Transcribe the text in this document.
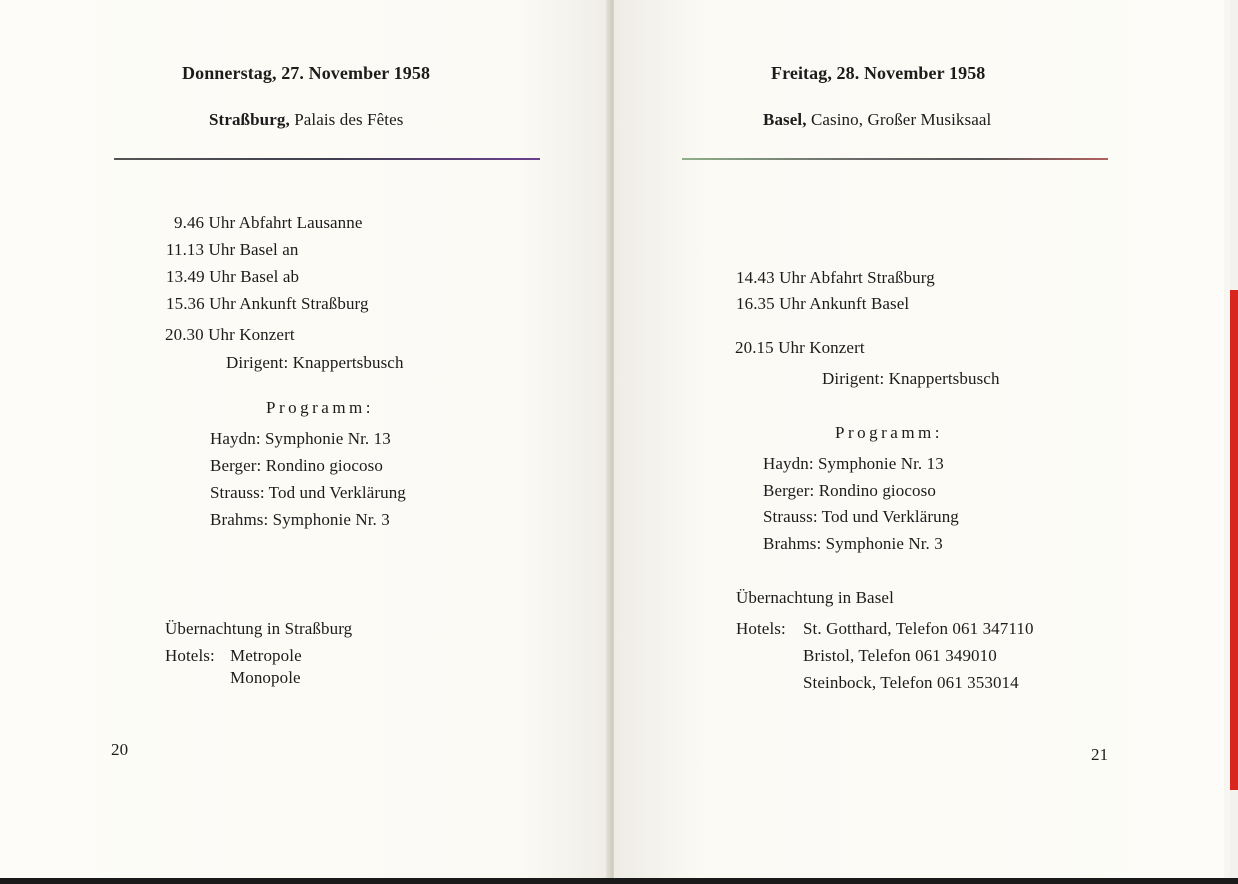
Donnerstag, 27. November 1958
Straßburg, Palais des Fêtes
9.46 Uhr Abfahrt Lausanne
11.13 Uhr Basel an
13.49 Uhr Basel ab
15.36 Uhr Ankunft Straßburg
20.30 Uhr Konzert
Dirigent: Knappertsbusch
Programm:
Haydn: Symphonie Nr. 13
Berger: Rondino giocoso
Strauss: Tod und Verklärung
Brahms: Symphonie Nr. 3
Übernachtung in Straßburg
Hotels: Metropole
Monopole
20
Freitag, 28. November 1958
Basel, Casino, Großer Musiksaal
14.43 Uhr Abfahrt Straßburg
16.35 Uhr Ankunft Basel
20.15 Uhr Konzert
Dirigent: Knappertsbusch
Programm:
Haydn: Symphonie Nr. 13
Berger: Rondino giocoso
Strauss: Tod und Verklärung
Brahms: Symphonie Nr. 3
Übernachtung in Basel
Hotels: St. Gotthard, Telefon 061 347110
Bristol, Telefon 061 349010
Steinbock, Telefon 061 353014
21
